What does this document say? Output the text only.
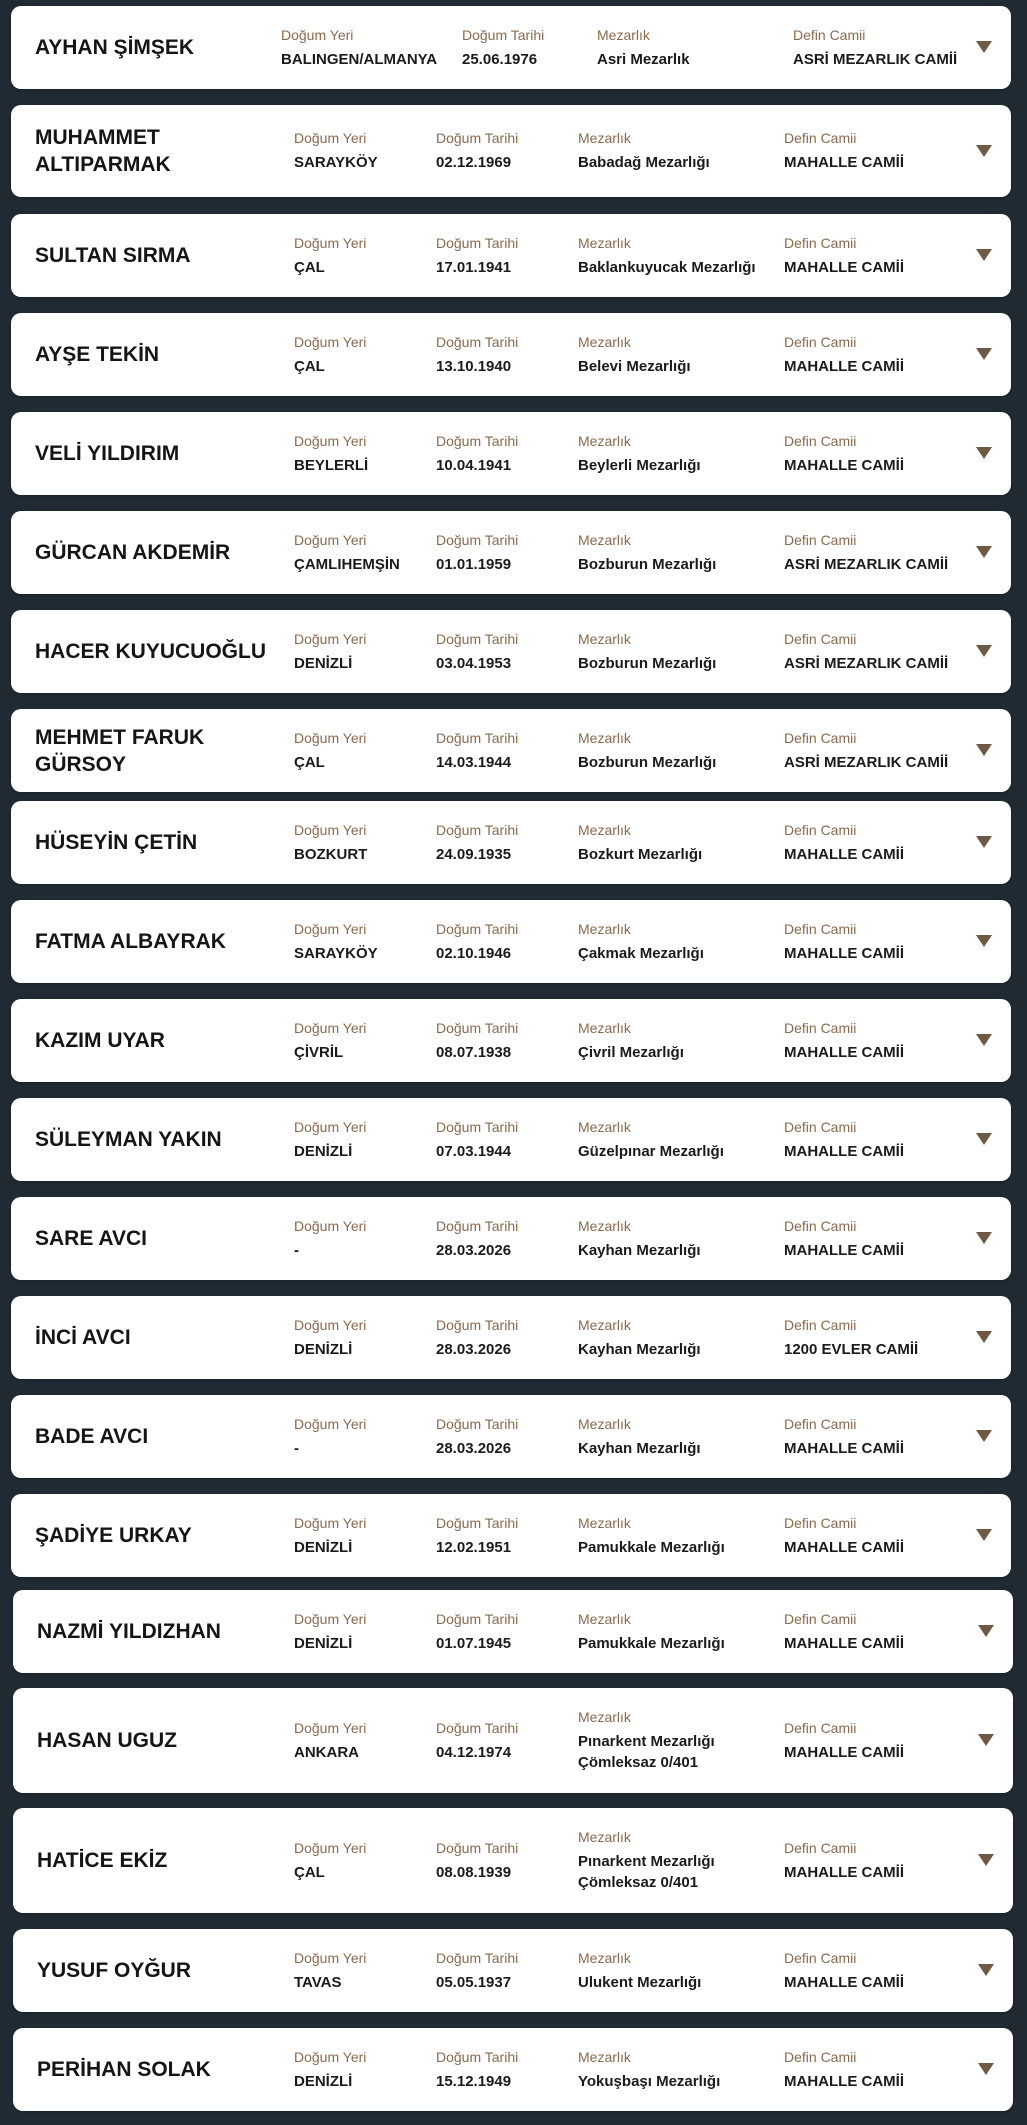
AYHAN ŞİMŞEK
Doğum Yeri
BALINGEN/ALMANYA
Doğum Tarihi
25.06.1976
Mezarlık
Asri Mezarlık
Defin Camii
ASRİ MEZARLIK CAMİİ
MUHAMMET ALTIPARMAK
Doğum Yeri
SARAYKÖY
Doğum Tarihi
02.12.1969
Mezarlık
Babadağ Mezarlığı
Defin Camii
MAHALLE CAMİİ
SULTAN SIRMA
Doğum Yeri
ÇAL
Doğum Tarihi
17.01.1941
Mezarlık
Baklankuyucak Mezarlığı
Defin Camii
MAHALLE CAMİİ
AYŞE TEKİN
Doğum Yeri
ÇAL
Doğum Tarihi
13.10.1940
Mezarlık
Belevi Mezarlığı
Defin Camii
MAHALLE CAMİİ
VELİ YILDIRIM
Doğum Yeri
BEYLERLİ
Doğum Tarihi
10.04.1941
Mezarlık
Beylerli Mezarlığı
Defin Camii
MAHALLE CAMİİ
GÜRCAN AKDEMİR
Doğum Yeri
ÇAMLIHEMŞİN
Doğum Tarihi
01.01.1959
Mezarlık
Bozburun Mezarlığı
Defin Camii
ASRİ MEZARLIK CAMİİ
HACER KUYUCUOĞLU
Doğum Yeri
DENİZLİ
Doğum Tarihi
03.04.1953
Mezarlık
Bozburun Mezarlığı
Defin Camii
ASRİ MEZARLIK CAMİİ
MEHMET FARUK GÜRSOY
Doğum Yeri
ÇAL
Doğum Tarihi
14.03.1944
Mezarlık
Bozburun Mezarlığı
Defin Camii
ASRİ MEZARLIK CAMİİ
HÜSEYİN ÇETİN
Doğum Yeri
BOZKURT
Doğum Tarihi
24.09.1935
Mezarlık
Bozkurt Mezarlığı
Defin Camii
MAHALLE CAMİİ
FATMA ALBAYRAK
Doğum Yeri
SARAYKÖY
Doğum Tarihi
02.10.1946
Mezarlık
Çakmak Mezarlığı
Defin Camii
MAHALLE CAMİİ
KAZIM UYAR
Doğum Yeri
ÇİVRİL
Doğum Tarihi
08.07.1938
Mezarlık
Çivril Mezarlığı
Defin Camii
MAHALLE CAMİİ
SÜLEYMAN YAKIN
Doğum Yeri
DENİZLİ
Doğum Tarihi
07.03.1944
Mezarlık
Güzelpınar Mezarlığı
Defin Camii
MAHALLE CAMİİ
SARE AVCI
Doğum Yeri
-
Doğum Tarihi
28.03.2026
Mezarlık
Kayhan Mezarlığı
Defin Camii
MAHALLE CAMİİ
İNCİ AVCI
Doğum Yeri
DENİZLİ
Doğum Tarihi
28.03.2026
Mezarlık
Kayhan Mezarlığı
Defin Camii
1200 EVLER CAMİİ
BADE AVCI
Doğum Yeri
-
Doğum Tarihi
28.03.2026
Mezarlık
Kayhan Mezarlığı
Defin Camii
MAHALLE CAMİİ
ŞADİYE URKAY
Doğum Yeri
DENİZLİ
Doğum Tarihi
12.02.1951
Mezarlık
Pamukkale Mezarlığı
Defin Camii
MAHALLE CAMİİ
NAZMİ YILDIZHAN
Doğum Yeri
DENİZLİ
Doğum Tarihi
01.07.1945
Mezarlık
Pamukkale Mezarlığı
Defin Camii
MAHALLE CAMİİ
HASAN UGUZ
Doğum Yeri
ANKARA
Doğum Tarihi
04.12.1974
Mezarlık
Pınarkent Mezarlığı
Çömleksaz 0/401
Defin Camii
MAHALLE CAMİİ
HATİCE EKİZ
Doğum Yeri
ÇAL
Doğum Tarihi
08.08.1939
Mezarlık
Pınarkent Mezarlığı
Çömleksaz 0/401
Defin Camii
MAHALLE CAMİİ
YUSUF OYĞUR
Doğum Yeri
TAVAS
Doğum Tarihi
05.05.1937
Mezarlık
Ulukent Mezarlığı
Defin Camii
MAHALLE CAMİİ
PERİHAN SOLAK
Doğum Yeri
DENİZLİ
Doğum Tarihi
15.12.1949
Mezarlık
Yokuşbaşı Mezarlığı
Defin Camii
MAHALLE CAMİİ
